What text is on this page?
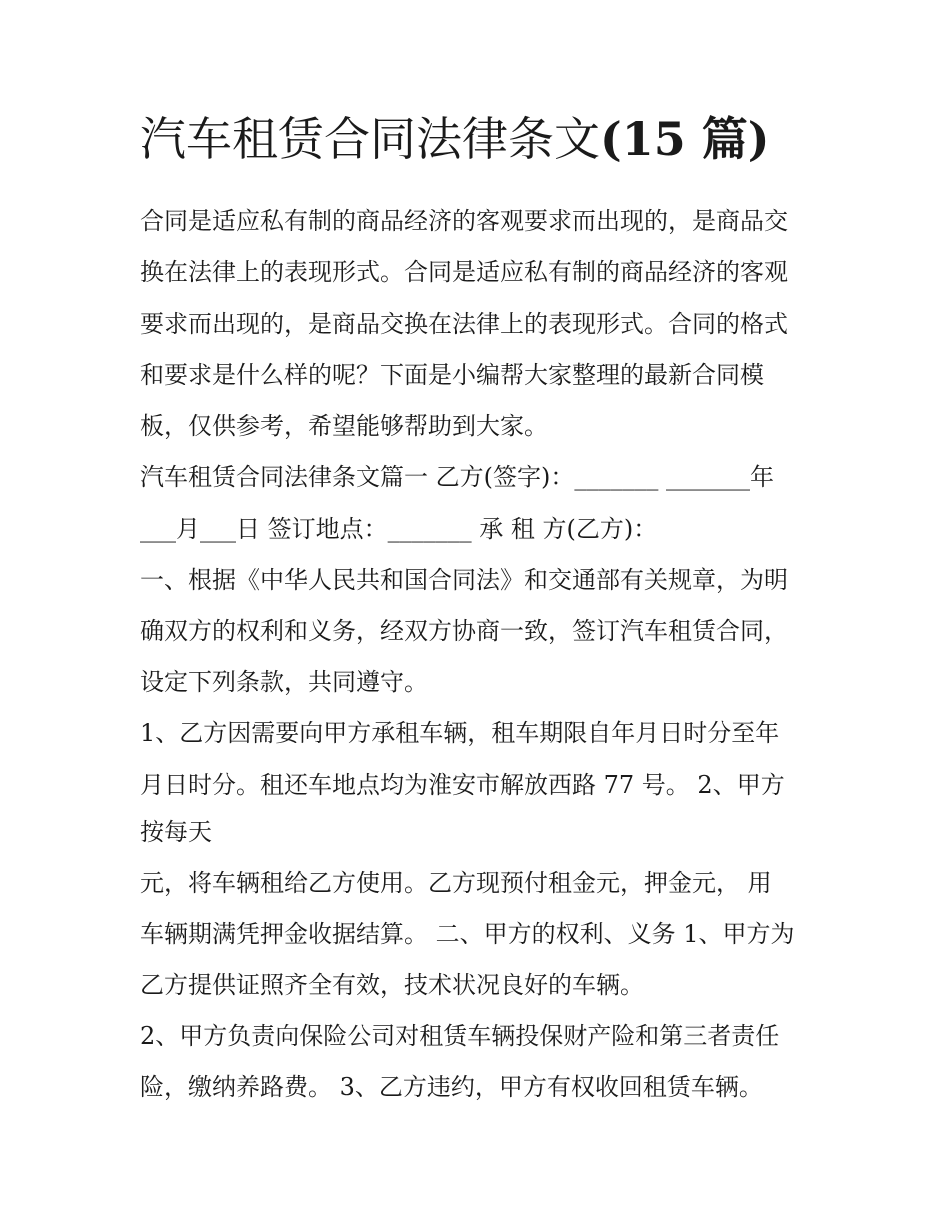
汽车租赁合同法律条文(15 篇)

合同是适应私有制的商品经济的客观要求而出现的，是商品交

换在法律上的表现形式。合同是适应私有制的商品经济的客观

要求而出现的，是商品交换在法律上的表现形式。合同的格式

和要求是什么样的呢？下面是小编帮大家整理的最新合同模

板，仅供参考，希望能够帮助到大家。

汽车租赁合同法律条文篇一 乙方(签字)：_______ _______年

___月___日 签订地点：_______ 承 租 方(乙方)：

一、根据《中华人民共和国合同法》和交通部有关规章，为明

确双方的权利和义务，经双方协商一致，签订汽车租赁合同，

设定下列条款，共同遵守。

1、乙方因需要向甲方承租车辆，租车期限自年月日时分至年

月日时分。租还车地点均为淮安市解放西路 77 号。 2、甲方

按每天

元，将车辆租给乙方使用。乙方现预付租金元，押金元， 用

车辆期满凭押金收据结算。 二、甲方的权利、义务 1、甲方为

乙方提供证照齐全有效，技术状况良好的车辆。

2、甲方负责向保险公司对租赁车辆投保财产险和第三者责任

险，缴纳养路费。 3、乙方违约，甲方有权收回租赁车辆。
